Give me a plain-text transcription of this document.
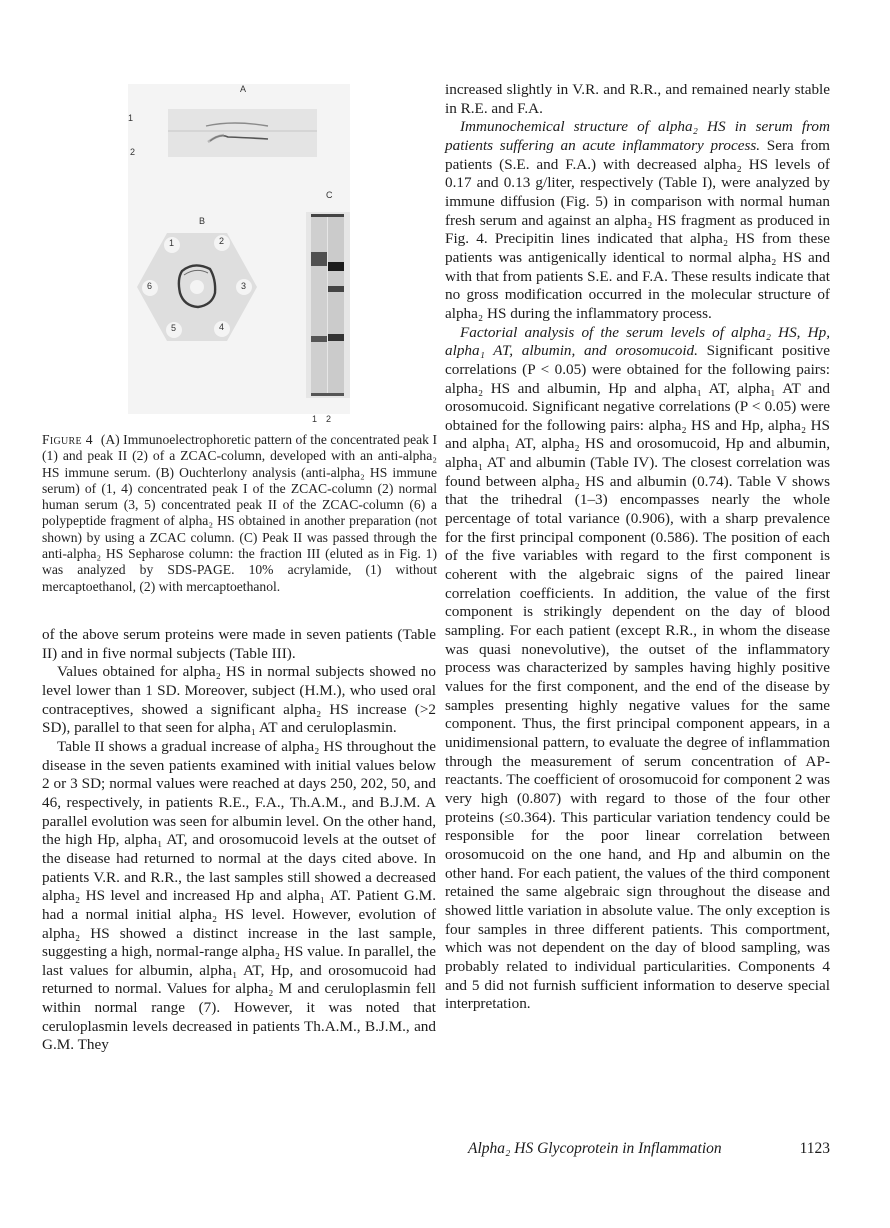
A
1
2
C
B
1	2
3
4
5
6
1 2
Figure 4 (A) Immunoelectrophoretic pattern of the concentrated peak I (1) and peak II (2) of a ZCAC-column, developed with an anti-alpha₂ HS immune serum. (B) Ouchterlony analysis (anti-alpha₂ HS immune serum) of (1, 4) concentrated peak I of the ZCAC-column (2) normal human serum (3, 5) concentrated peak II of the ZCAC-column (6) a polypeptide fragment of alpha₂ HS obtained in another preparation (not shown) by using a ZCAC column. (C) Peak II was passed through the anti-alpha₂ HS Sepharose column: the fraction III (eluted as in Fig. 1) was analyzed by SDS-PAGE. 10% acrylamide, (1) without mercaptoethanol, (2) with mercaptoethanol.

of the above serum proteins were made in seven patients (Table II) and in five normal subjects (Table III).

Values obtained for alpha₂ HS in normal subjects showed no level lower than 1 SD. Moreover, subject (H.M.), who used oral contraceptives, showed a significant alpha₂ HS increase (>2 SD), parallel to that seen for alpha₁ AT and ceruloplasmin.

Table II shows a gradual increase of alpha₂ HS throughout the disease in the seven patients examined with initial values below 2 or 3 SD; normal values were reached at days 250, 202, 50, and 46, respectively, in patients R.E., F.A., Th.A.M., and B.J.M. A parallel evolution was seen for albumin level. On the other hand, the high Hp, alpha₁ AT, and orosomucoid levels at the outset of the disease had returned to normal at the days cited above. In patients V.R. and R.R., the last samples still showed a decreased alpha₂ HS level and increased Hp and alpha₁ AT. Patient G.M. had a normal initial alpha₂ HS level. However, evolution of alpha₂ HS showed a distinct increase in the last sample, suggesting a high, normal-range alpha₂ HS value. In parallel, the last values for albumin, alpha₁ AT, Hp, and orosomucoid had returned to normal. Values for alpha₂ M and ceruloplasmin fell within normal range (7). However, it was noted that ceruloplasmin levels decreased in patients Th.A.M., B.J.M., and G.M. They

increased slightly in V.R. and R.R., and remained nearly stable in R.E. and F.A.

Immunochemical structure of alpha₂ HS in serum from patients suffering an acute inflammatory process. Sera from patients (S.E. and F.A.) with decreased alpha₂ HS levels of 0.17 and 0.13 g/liter, respectively (Table I), were analyzed by immune diffusion (Fig. 5) in comparison with normal human fresh serum and against an alpha₂ HS fragment as produced in Fig. 4. Precipitin lines indicated that alpha₂ HS from these patients was antigenically identical to normal alpha₂ HS and with that from patients S.E. and F.A. These results indicate that no gross modification occurred in the molecular structure of alpha₂ HS during the inflammatory process.

Factorial analysis of the serum levels of alpha₂ HS, Hp, alpha₁ AT, albumin, and orosomucoid. Significant positive correlations (P < 0.05) were obtained for the following pairs: alpha₂ HS and albumin, Hp and alpha₁ AT, alpha₁ AT and orosomucoid. Significant negative correlations (P < 0.05) were obtained for the following pairs: alpha₂ HS and Hp, alpha₂ HS and alpha₁ AT, alpha₂ HS and orosomucoid, Hp and albumin, alpha₁ AT and albumin (Table IV). The closest correlation was found between alpha₂ HS and albumin (0.74). Table V shows that the trihedral (1–3) encompasses nearly the whole percentage of total variance (0.906), with a sharp prevalence for the first principal component (0.586). The position of each of the five variables with regard to the first component is coherent with the algebraic signs of the paired linear correlation coefficients. In addition, the value of the first component is strikingly dependent on the day of blood sampling. For each patient (except R.R., in whom the disease was quasi nonevolutive), the outset of the inflammatory process was characterized by samples having highly positive values for the first component, and the end of the disease by samples presenting highly negative values for the same component. Thus, the first principal component appears, in a unidimensional pattern, to evaluate the degree of inflammation through the measurement of serum concentration of AP-reactants. The coefficient of orosomucoid for component 2 was very high (0.807) with regard to those of the four other proteins (≤0.364). This particular variation tendency could be responsible for the poor linear correlation between orosomucoid on the one hand, and Hp and albumin on the other hand. For each patient, the values of the third component retained the same algebraic sign throughout the disease and showed little variation in absolute value. The only exception is four samples in three different patients. This comportment, which was not dependent on the day of blood sampling, was probably related to individual particularities. Components 4 and 5 did not furnish sufficient information to deserve special interpretation.

Alpha₂ HS Glycoprotein in Inflammation	1123
